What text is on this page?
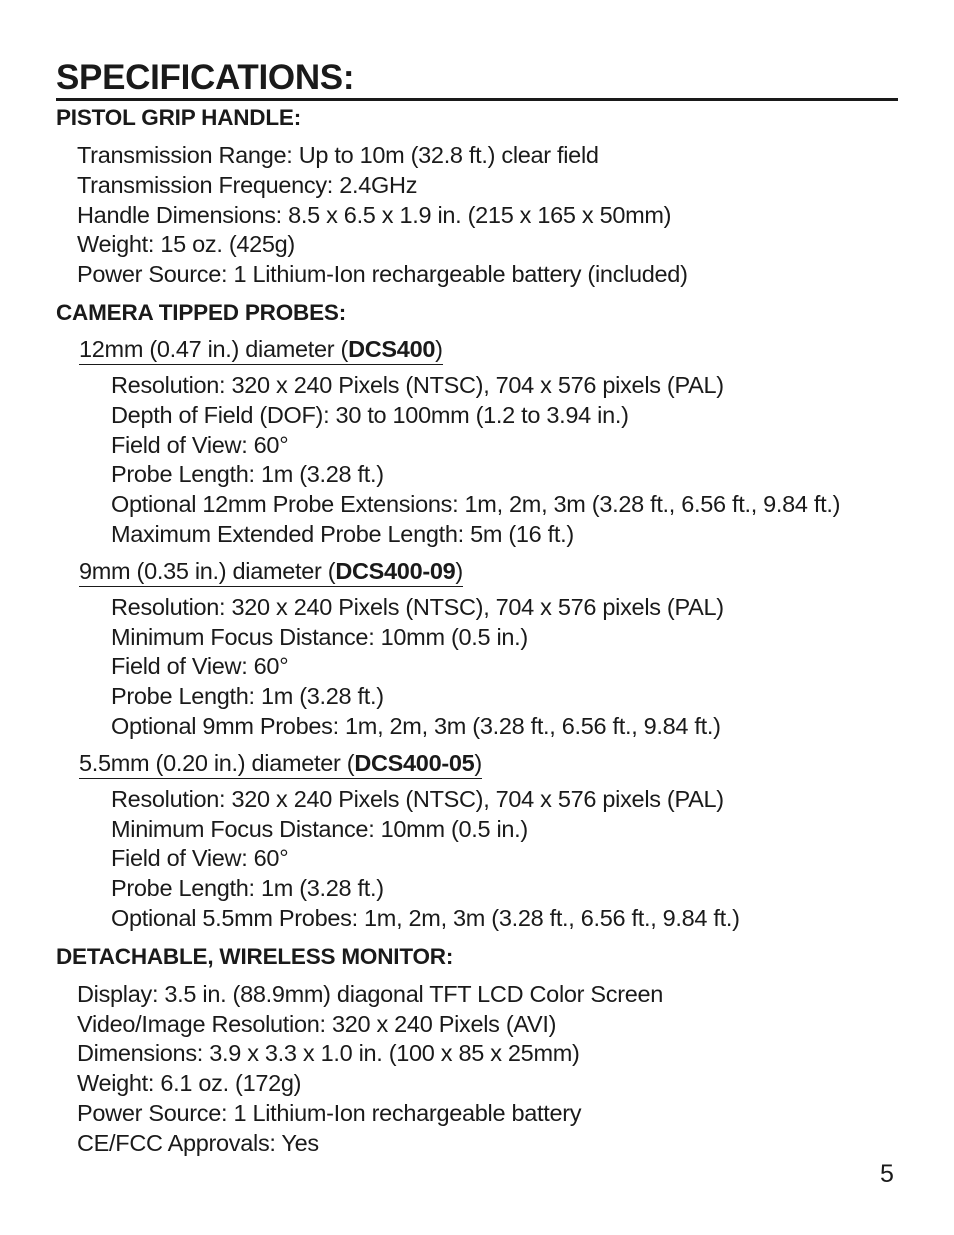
SPECIFICATIONS:
PISTOL GRIP HANDLE:
Transmission Range: Up to 10m (32.8 ft.) clear field
Transmission Frequency: 2.4GHz
Handle Dimensions: 8.5 x 6.5 x 1.9 in. (215 x 165 x 50mm)
Weight: 15 oz. (425g)
Power Source: 1 Lithium-Ion rechargeable battery (included)
CAMERA TIPPED PROBES:
12mm (0.47 in.) diameter (DCS400)
Resolution: 320 x 240 Pixels (NTSC), 704 x 576 pixels (PAL)
Depth of Field (DOF): 30 to 100mm (1.2 to 3.94 in.)
Field of View: 60°
Probe Length: 1m (3.28 ft.)
Optional 12mm Probe Extensions: 1m, 2m, 3m (3.28 ft., 6.56 ft., 9.84 ft.)
Maximum Extended Probe Length: 5m (16 ft.)
9mm (0.35 in.) diameter (DCS400-09)
Resolution: 320 x 240 Pixels (NTSC), 704 x 576 pixels (PAL)
Minimum Focus Distance: 10mm (0.5 in.)
Field of View: 60°
Probe Length: 1m (3.28 ft.)
Optional 9mm Probes: 1m, 2m, 3m (3.28 ft., 6.56 ft., 9.84 ft.)
5.5mm (0.20 in.) diameter (DCS400-05)
Resolution: 320 x 240 Pixels (NTSC), 704 x 576 pixels (PAL)
Minimum Focus Distance: 10mm (0.5 in.)
Field of View: 60°
Probe Length: 1m (3.28 ft.)
Optional 5.5mm Probes: 1m, 2m, 3m (3.28 ft., 6.56 ft., 9.84 ft.)
DETACHABLE, WIRELESS MONITOR:
Display: 3.5 in. (88.9mm) diagonal TFT LCD Color Screen
Video/Image Resolution: 320 x 240 Pixels (AVI)
Dimensions: 3.9 x 3.3 x 1.0 in. (100 x 85 x 25mm)
Weight: 6.1 oz. (172g)
Power Source: 1 Lithium-Ion rechargeable battery
CE/FCC Approvals: Yes
5
